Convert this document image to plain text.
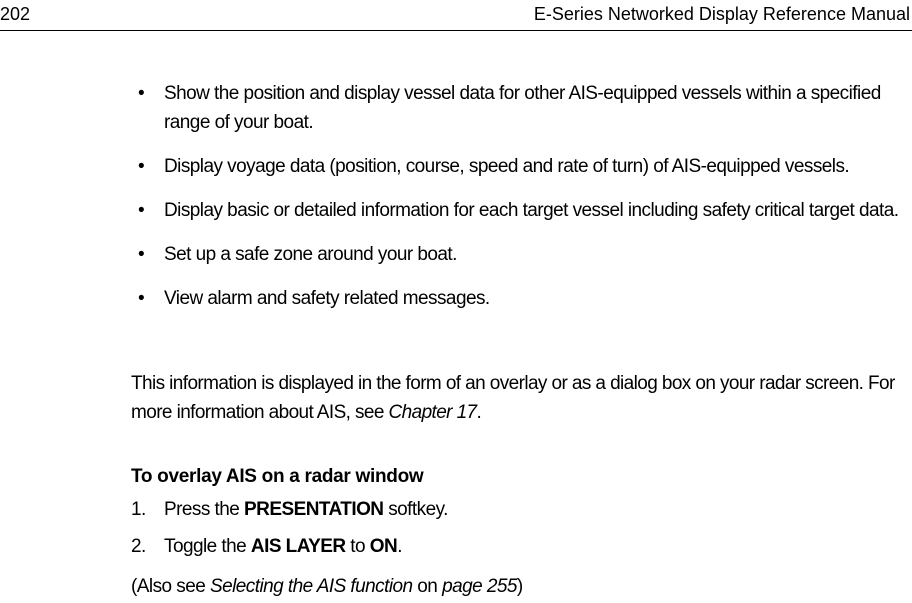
202	E-Series Networked Display Reference Manual
•	Show the position and display vessel data for other AIS-equipped vessels within a specified range of your boat.
•	Display voyage data (position, course, speed and rate of turn) of AIS-equipped vessels.
•	Display basic or detailed information for each target vessel including safety critical target data.
•	Set up a safe zone around your boat.
•	View alarm and safety related messages.

This information is displayed in the form of an overlay or as a dialog box on your radar screen. For more information about AIS, see Chapter 17.

To overlay AIS on a radar window
1. Press the PRESENTATION softkey.
2. Toggle the AIS LAYER to ON.

(Also see Selecting the AIS function on page 255)
